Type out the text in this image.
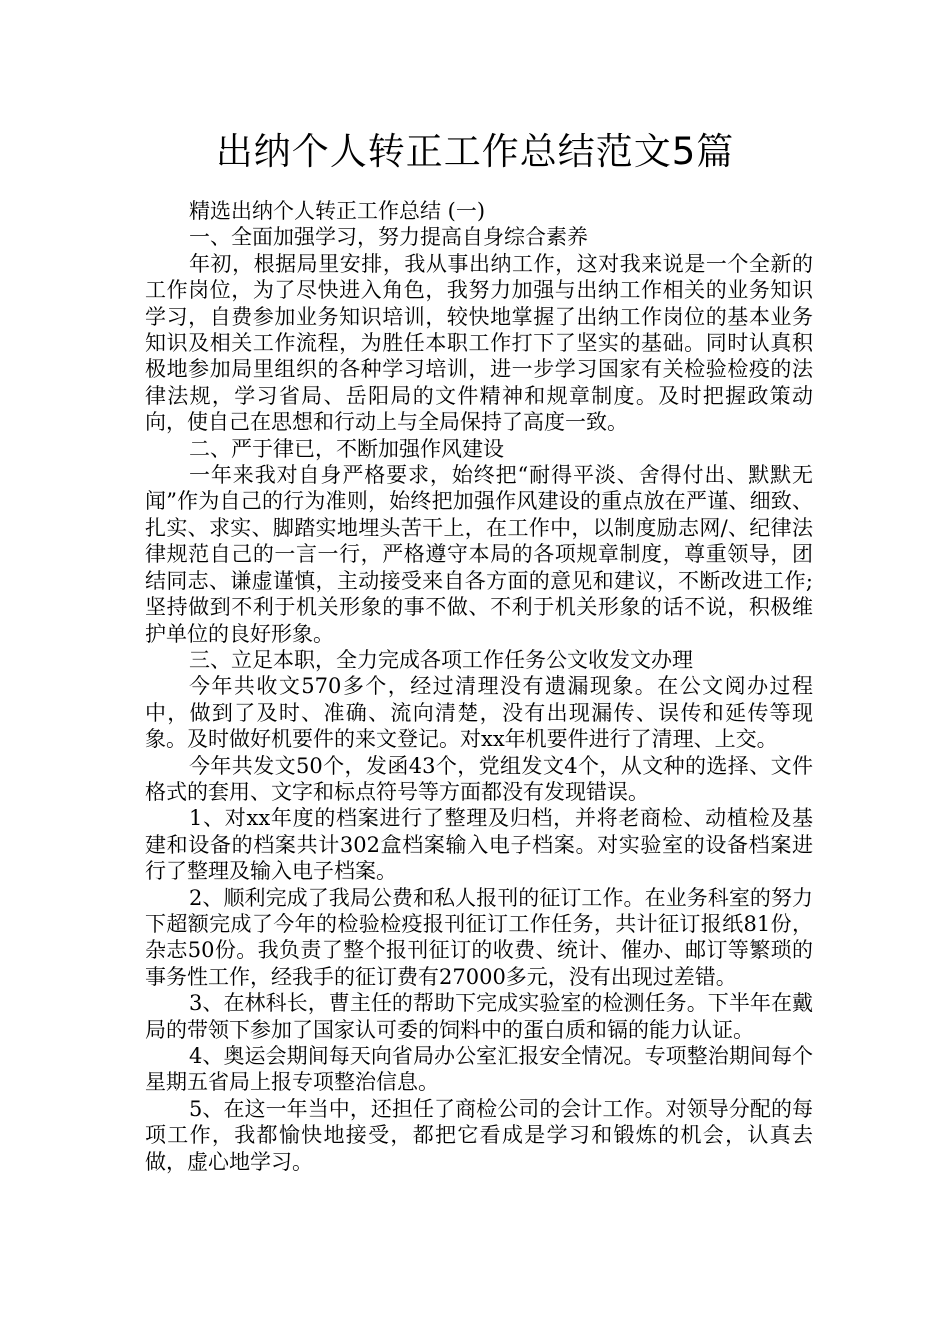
出纳个人转正工作总结范文5篇

精选出纳个人转正工作总结 (一)

一、全面加强学习，努力提高自身综合素养

年初，根据局里安排，我从事出纳工作，这对我来说是一个全新的工作岗位，为了尽快进入角色，我努力加强与出纳工作相关的业务知识学习，自费参加业务知识培训，较快地掌握了出纳工作岗位的基本业务知识及相关工作流程，为胜任本职工作打下了坚实的基础。同时认真积极地参加局里组织的各种学习培训，进一步学习国家有关检验检疫的法律法规，学习省局、岳阳局的文件精神和规章制度。及时把握政策动向，使自己在思想和行动上与全局保持了高度一致。

二、严于律已，不断加强作风建设

一年来我对自身严格要求，始终把“耐得平淡、舍得付出、默默无闻”作为自己的行为准则，始终把加强作风建设的重点放在严谨、细致、扎实、求实、脚踏实地埋头苦干上，在工作中，以制度励志网/、纪律法律规范自己的一言一行，严格遵守本局的各项规章制度，尊重领导，团结同志、谦虚谨慎，主动接受来自各方面的意见和建议，不断改进工作;坚持做到不利于机关形象的事不做、不利于机关形象的话不说，积极维护单位的良好形象。

三、立足本职，全力完成各项工作任务公文收发文办理

今年共收文570多个，经过清理没有遗漏现象。在公文阅办过程中，做到了及时、准确、流向清楚，没有出现漏传、误传和延传等现象。及时做好机要件的来文登记。对xx年机要件进行了清理、上交。

今年共发文50个，发函43个，党组发文4个，从文种的选择、文件格式的套用、文字和标点符号等方面都没有发现错误。

1、对xx年度的档案进行了整理及归档，并将老商检、动植检及基建和设备的档案共计302盒档案输入电子档案。对实验室的设备档案进行了整理及输入电子档案。

2、顺利完成了我局公费和私人报刊的征订工作。在业务科室的努力下超额完成了今年的检验检疫报刊征订工作任务，共计征订报纸81份，杂志50份。我负责了整个报刊征订的收费、统计、催办、邮订等繁琐的事务性工作，经我手的征订费有27000多元，没有出现过差错。

3、在林科长，曹主任的帮助下完成实验室的检测任务。下半年在戴局的带领下参加了国家认可委的饲料中的蛋白质和镉的能力认证。

4、奥运会期间每天向省局办公室汇报安全情况。专项整治期间每个星期五省局上报专项整治信息。

5、在这一年当中，还担任了商检公司的会计工作。对领导分配的每项工作，我都愉快地接受，都把它看成是学习和锻炼的机会，认真去做，虚心地学习。
